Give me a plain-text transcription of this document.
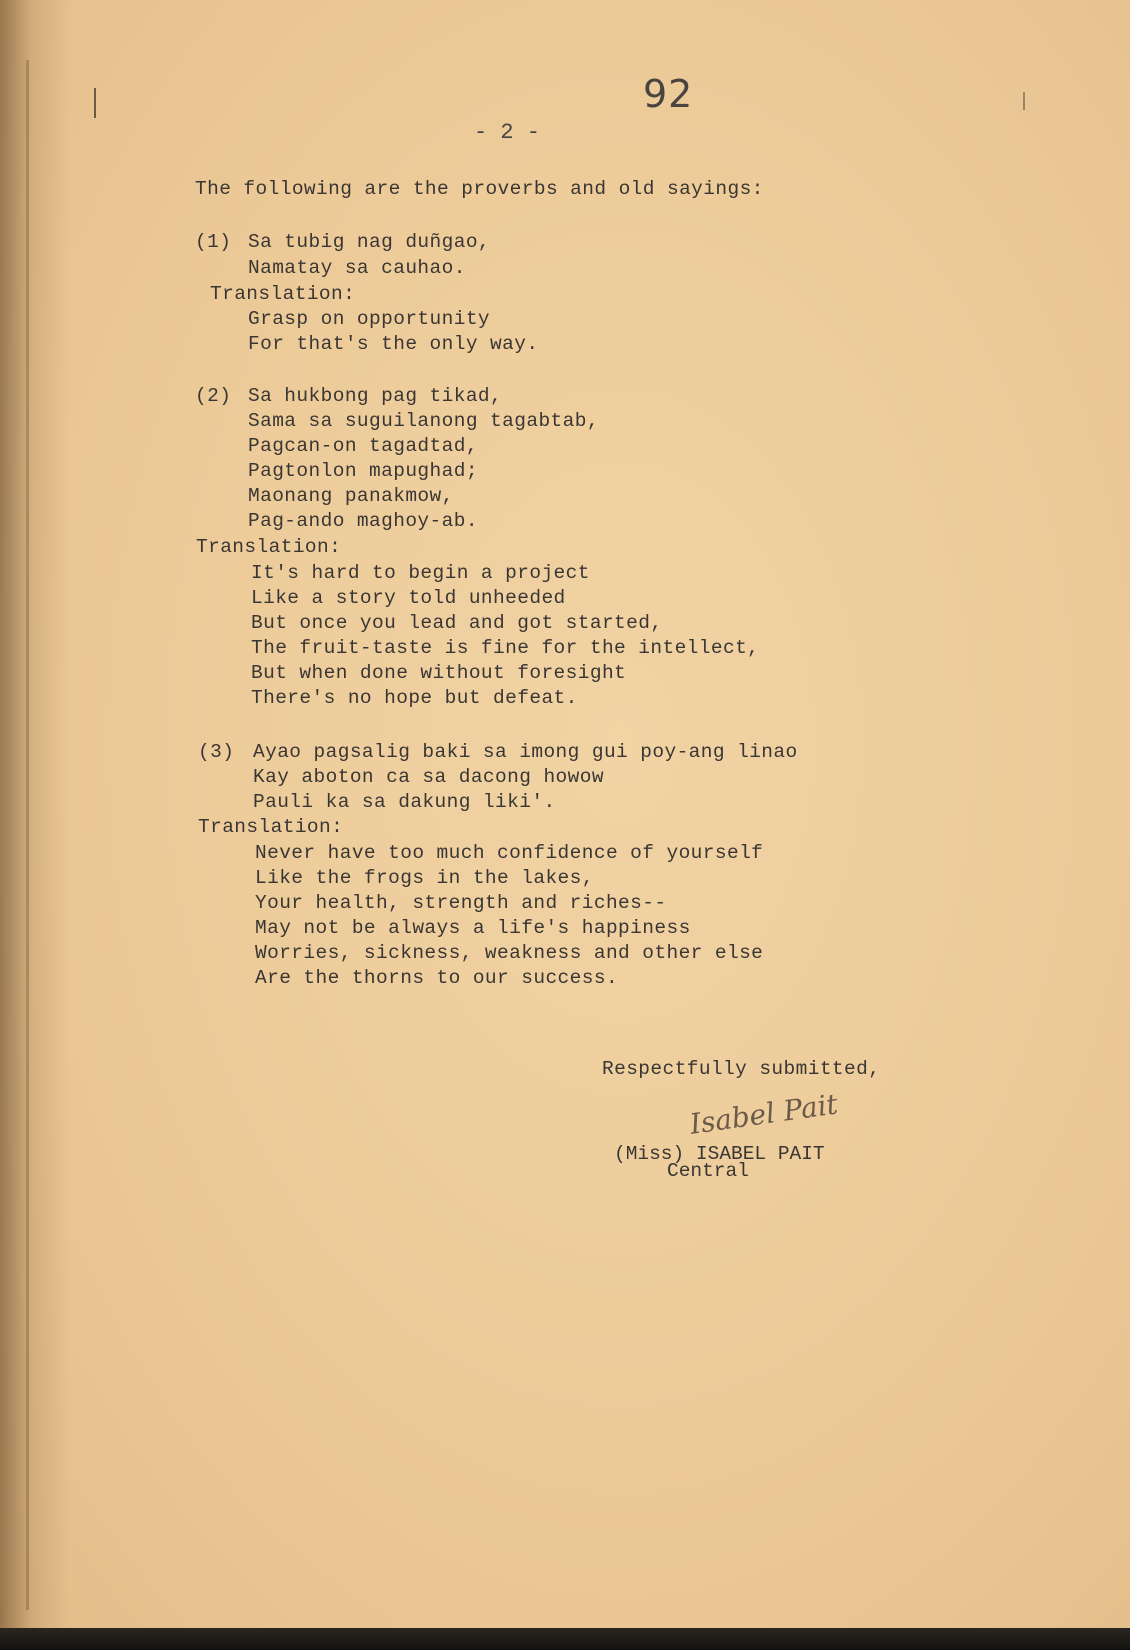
92
- 2 -
The following are the proverbs and old sayings:
(1) Sa tubig nag duñgao,
Namatay sa cauhao.
Translation:
Grasp on opportunity
For that's the only way.
(2) Sa hukbong pag tikad,
Sama sa suguilanong tagabtab,
Pagcan-on tagadtad,
Pagtonlon mapughad;
Maonang panakmow,
Pag-ando maghoy-ab.
Translation:
It's hard to begin a project
Like a story told unheeded
But once you lead and got started,
The fruit-taste is fine for the intellect,
But when done without foresight
There's no hope but defeat.
(3) Ayao pagsalig baki sa imong gui poy-ang linao
Kay aboton ca sa dacong howow
Pauli ka sa dakung liki'.
Translation:
Never have too much confidence of yourself
Like the frogs in the lakes,
Your health, strength and riches--
May not be always a life's happiness
Worries, sickness, weakness and other else
Are the thorns to our success.
Respectfully submitted,
Isabel Pait
(Miss) ISABEL PAIT
Central
